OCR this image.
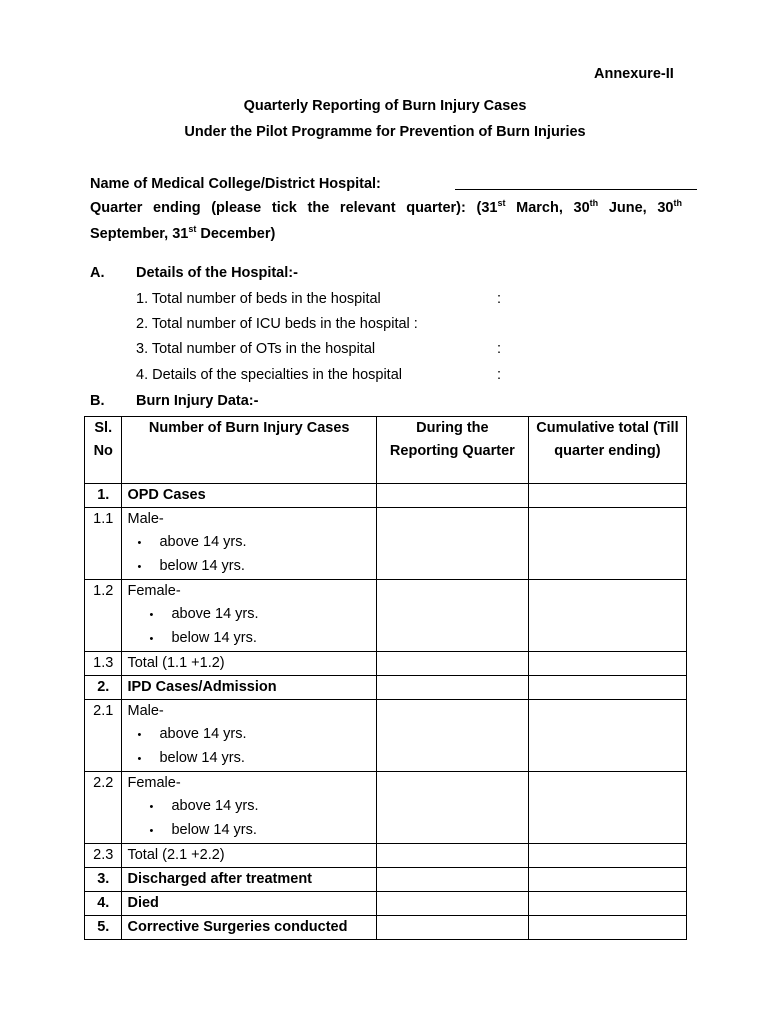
Annexure-II
Quarterly Reporting of Burn Injury Cases
Under the Pilot Programme for Prevention of Burn Injuries
Name of Medical College/District Hospital:
Quarter ending (please tick the relevant quarter): (31st March, 30th June, 30th
September, 31st December)
A. Details of the Hospital:-
1. Total number of beds in the hospital	:
2. Total number of ICU beds in the hospital :
3. Total number of OTs in the hospital	:
4. Details of the specialties in the hospital	:
B. Burn Injury Data:-
Sl. No	Number of Burn Injury Cases	During the Reporting Quarter	Cumulative total (Till quarter ending)
1.	OPD Cases		
1.1	Male-
• above 14 yrs.
• below 14 yrs.		

1.2	Female-
• above 14 yrs.
• below 14 yrs.		

1.3	Total (1.1 +1.2)		
2.	IPD Cases/Admission		
2.1	Male-
• above 14 yrs.
• below 14 yrs.		

2.2	Female-
• above 14 yrs.
• below 14 yrs.		

2.3	Total (2.1 +2.2)		
3.	Discharged after treatment		
4.	Died		
5.	Corrective Surgeries conducted		
